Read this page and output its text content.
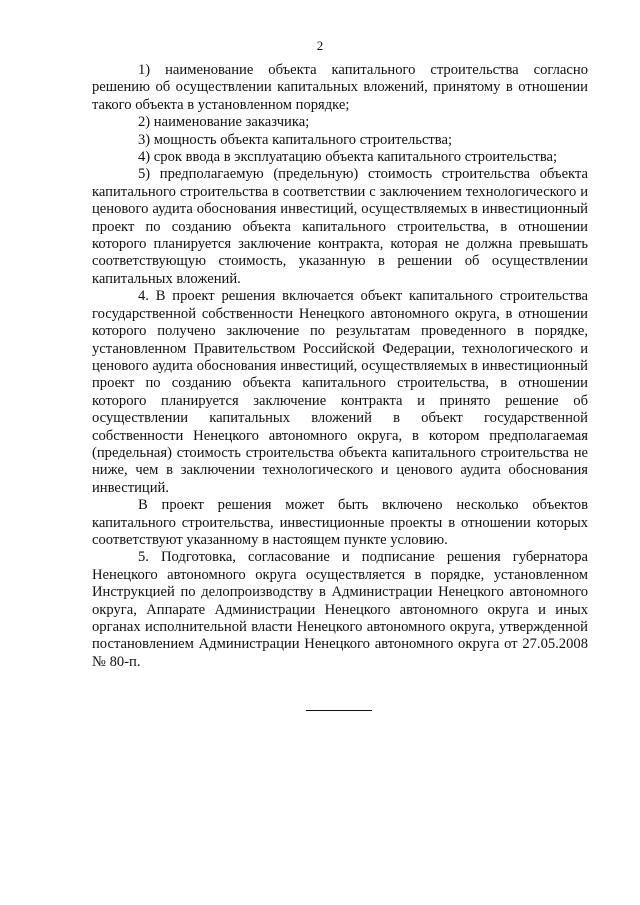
2

1) наименование объекта капитального строительства согласно решению об осуществлении капитальных вложений, принятому в отношении такого объекта в установленном порядке;

2) наименование заказчика;

3) мощность объекта капитального строительства;

4) срок ввода в эксплуатацию объекта капитального строительства;

5) предполагаемую (предельную) стоимость строительства объекта капитального строительства в соответствии с заключением технологического и ценового аудита обоснования инвестиций, осуществляемых в инвестиционный проект по созданию объекта капитального строительства, в отношении которого планируется заключение контракта, которая не должна превышать соответствующую стоимость, указанную в решении об осуществлении капитальных вложений.

4. В проект решения включается объект капитального строительства государственной собственности Ненецкого автономного округа, в отношении которого получено заключение по результатам проведенного в порядке, установленном Правительством Российской Федерации, технологического и ценового аудита обоснования инвестиций, осуществляемых в инвестиционный проект по созданию объекта капитального строительства, в отношении которого планируется заключение контракта и принято решение об осуществлении капитальных вложений в объект государственной собственности Ненецкого автономного округа, в котором предполагаемая (предельная) стоимость строительства объекта капитального строительства не ниже, чем в заключении технологического и ценового аудита обоснования инвестиций.

В проект решения может быть включено несколько объектов капитального строительства, инвестиционные проекты в отношении которых соответствуют указанному в настоящем пункте условию.

5. Подготовка, согласование и подписание решения губернатора Ненецкого автономного округа осуществляется в порядке, установленном Инструкцией по делопроизводству в Администрации Ненецкого автономного округа, Аппарате Администрации Ненецкого автономного округа и иных органах исполнительной власти Ненецкого автономного округа, утвержденной постановлением Администрации Ненецкого автономного округа от 27.05.2008 № 80-п.
